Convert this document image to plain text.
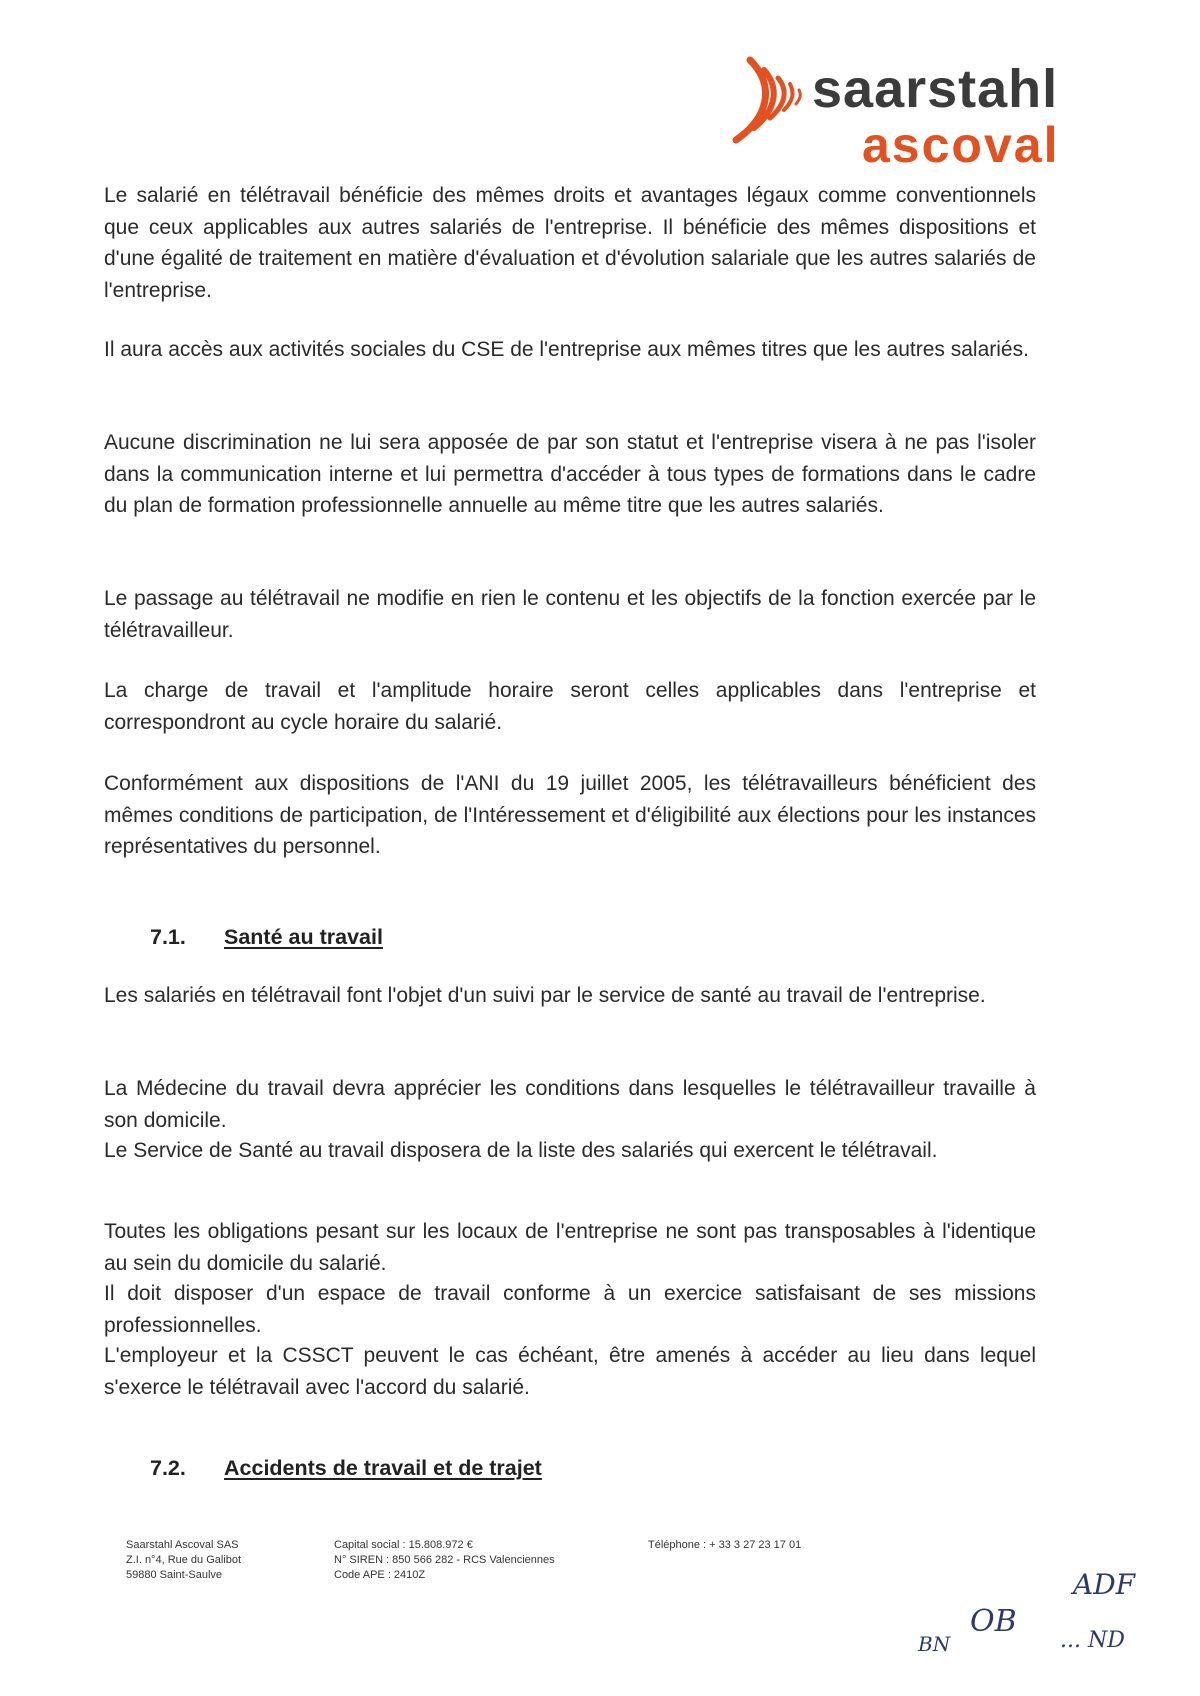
saarstahl
ascoval

Le salarié en télétravail bénéficie des mêmes droits et avantages légaux comme conventionnels que ceux applicables aux autres salariés de l'entreprise. Il bénéficie des mêmes dispositions et d'une égalité de traitement en matière d'évaluation et d'évolution salariale que les autres salariés de l'entreprise.

Il aura accès aux activités sociales du CSE de l'entreprise aux mêmes titres que les autres salariés.

Aucune discrimination ne lui sera apposée de par son statut et l'entreprise visera à ne pas l'isoler dans la communication interne et lui permettra d'accéder à tous types de formations dans le cadre du plan de formation professionnelle annuelle au même titre que les autres salariés.

Le passage au télétravail ne modifie en rien le contenu et les objectifs de la fonction exercée par le télétravailleur.

La charge de travail et l'amplitude horaire seront celles applicables dans l'entreprise et correspondront au cycle horaire du salarié.

Conformément aux dispositions de l'ANI du 19 juillet 2005, les télétravailleurs bénéficient des mêmes conditions de participation, de l'Intéressement et d'éligibilité aux élections pour les instances représentatives du personnel.

7.1. Santé au travail

Les salariés en télétravail font l'objet d'un suivi par le service de santé au travail de l'entreprise.

La Médecine du travail devra apprécier les conditions dans lesquelles le télétravailleur travaille à son domicile.

Le Service de Santé au travail disposera de la liste des salariés qui exercent le télétravail.

Toutes les obligations pesant sur les locaux de l'entreprise ne sont pas transposables à l'identique au sein du domicile du salarié.

Il doit disposer d'un espace de travail conforme à un exercice satisfaisant de ses missions professionnelles.

L'employeur et la CSSCT peuvent le cas échéant, être amenés à accéder au lieu dans lequel s'exerce le télétravail avec l'accord du salarié.

7.2. Accidents de travail et de trajet
Saarstahl Ascoval SAS
Z.I. n°4, Rue du Galibot
59880 Saint-Saulve
Capital social : 15.808.972 €
N° SIREN : 850 566 282 - RCS Valenciennes
Code APE : 2410Z
Téléphone : + 33 3 27 23 17 01
ADF
OB
BN	... ND
